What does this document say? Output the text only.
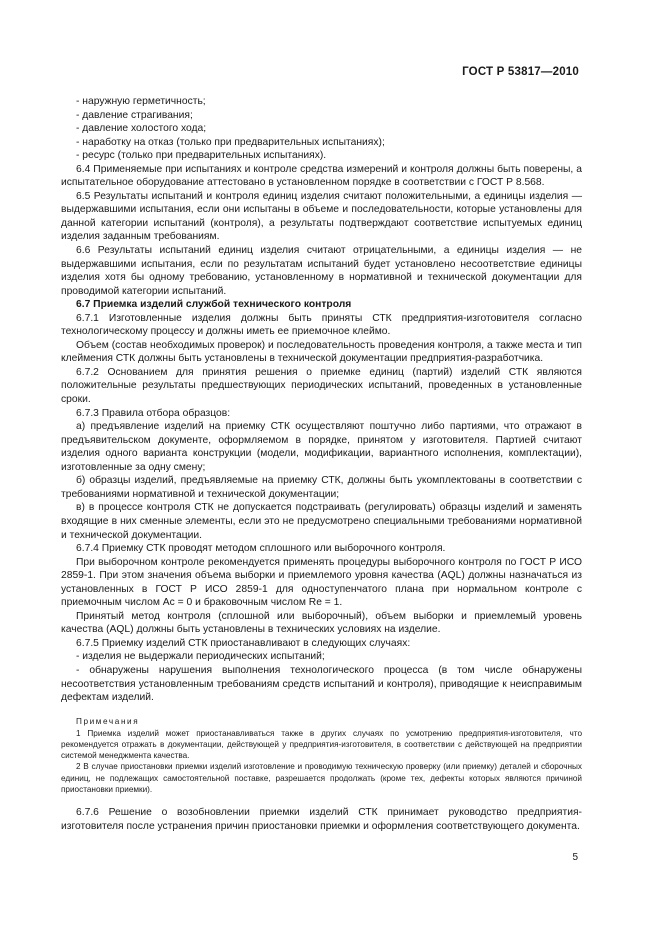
ГОСТ Р 53817—2010

- наружную герметичность;

- давление страгивания;

- давление холостого хода;

- наработку на отказ (только при предварительных испытаниях);

- ресурс (только при предварительных испытаниях).

6.4 Применяемые при испытаниях и контроле средства измерений и контроля должны быть поверены, а испытательное оборудование аттестовано в установленном порядке в соответствии с ГОСТ Р 8.568.

6.5 Результаты испытаний и контроля единиц изделия считают положительными, а единицы изделия — выдержавшими испытания, если они испытаны в объеме и последовательности, которые установлены для данной категории испытаний (контроля), а результаты подтверждают соответствие испытуемых единиц изделия заданным требованиям.

6.6 Результаты испытаний единиц изделия считают отрицательными, а единицы изделия — не выдержавшими испытания, если по результатам испытаний будет установлено несоответствие единицы изделия хотя бы одному требованию, установленному в нормативной и технической документации для проводимой категории испытаний.

6.7 Приемка изделий службой технического контроля

6.7.1 Изготовленные изделия должны быть приняты СТК предприятия-изготовителя согласно технологическому процессу и должны иметь ее приемочное клеймо.

Объем (состав необходимых проверок) и последовательность проведения контроля, а также места и тип клеймения СТК должны быть установлены в технической документации предприятия-разработчика.

6.7.2 Основанием для принятия решения о приемке единиц (партий) изделий СТК являются положительные результаты предшествующих периодических испытаний, проведенных в установленные сроки.

6.7.3 Правила отбора образцов:

а) предъявление изделий на приемку СТК осуществляют поштучно либо партиями, что отражают в предъявительском документе, оформляемом в порядке, принятом у изготовителя. Партией считают изделия одного варианта конструкции (модели, модификации, вариантного исполнения, комплектации), изготовленные за одну смену;

б) образцы изделий, предъявляемые на приемку СТК, должны быть укомплектованы в соответствии с требованиями нормативной и технической документации;

в) в процессе контроля СТК не допускается подстраивать (регулировать) образцы изделий и заменять входящие в них сменные элементы, если это не предусмотрено специальными требованиями нормативной и технической документации.

6.7.4 Приемку СТК проводят методом сплошного или выборочного контроля.

При выборочном контроле рекомендуется применять процедуры выборочного контроля по ГОСТ Р ИСО 2859-1. При этом значения объема выборки и приемлемого уровня качества (AQL) должны назначаться из установленных в ГОСТ Р ИСО 2859-1 для одноступенчатого плана при нормальном контроле с приемочным числом Ас = 0 и браковочным числом Re = 1.

Принятый метод контроля (сплошной или выборочный), объем выборки и приемлемый уровень качества (AQL) должны быть установлены в технических условиях на изделие.

6.7.5 Приемку изделий СТК приостанавливают в следующих случаях:

- изделия не выдержали периодических испытаний;

- обнаружены нарушения выполнения технологического процесса (в том числе обнаружены несоответствия установленным требованиям средств испытаний и контроля), приводящие к неисправимым дефектам изделий.

Примечания

1 Приемка изделий может приостанавливаться также в других случаях по усмотрению предприятия-изготовителя, что рекомендуется отражать в документации, действующей у предприятия-изготовителя, в соответствии с действующей на предприятии системой менеджмента качества.

2 В случае приостановки приемки изделий изготовление и проводимую техническую проверку (или приемку) деталей и сборочных единиц, не подлежащих самостоятельной поставке, разрешается продолжать (кроме тех, дефекты которых являются причиной приостановки приемки).

6.7.6 Решение о возобновлении приемки изделий СТК принимает руководство предприятия-изготовителя после устранения причин приостановки приемки и оформления соответствующего документа.

5
